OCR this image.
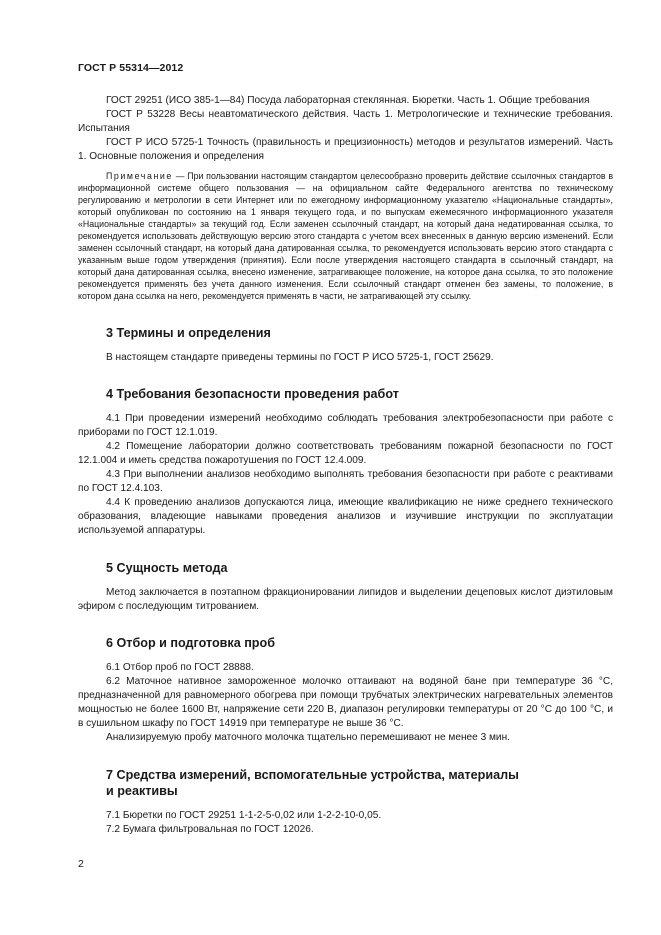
ГОСТ Р 55314—2012

ГОСТ 29251 (ИСО 385-1—84) Посуда лабораторная стеклянная. Бюретки. Часть 1. Общие требования

ГОСТ Р 53228 Весы неавтоматического действия. Часть 1. Метрологические и технические требования. Испытания

ГОСТ Р ИСО 5725-1 Точность (правильность и прецизионность) методов и результатов измерений. Часть 1. Основные положения и определения

Примечание — При пользовании настоящим стандартом целесообразно проверить действие ссылочных стандартов в информационной системе общего пользования — на официальном сайте Федерального агентства по техническому регулированию и метрологии в сети Интернет или по ежегодному информационному указателю «Национальные стандарты», который опубликован по состоянию на 1 января текущего года, и по выпускам ежемесячного информационного указателя «Национальные стандарты» за текущий год. Если заменен ссылочный стандарт, на который дана недатированная ссылка, то рекомендуется использовать действующую версию этого стандарта с учетом всех внесенных в данную версию изменений. Если заменен ссылочный стандарт, на который дана датированная ссылка, то рекомендуется использовать версию этого стандарта с указанным выше годом утверждения (принятия). Если после утверждения настоящего стандарта в ссылочный стандарт, на который дана датированная ссылка, внесено изменение, затрагивающее положение, на которое дана ссылка, то это положение рекомендуется применять без учета данного изменения. Если ссылочный стандарт отменен без замены, то положение, в котором дана ссылка на него, рекомендуется применять в части, не затрагивающей эту ссылку.

3 Термины и определения

В настоящем стандарте приведены термины по ГОСТ Р ИСО 5725-1, ГОСТ 25629.

4 Требования безопасности проведения работ

4.1 При проведении измерений необходимо соблюдать требования электробезопасности при работе с приборами по ГОСТ 12.1.019.

4.2 Помещение лаборатории должно соответствовать требованиям пожарной безопасности по ГОСТ 12.1.004 и иметь средства пожаротушения по ГОСТ 12.4.009.

4.3 При выполнении анализов необходимо выполнять требования безопасности при работе с реактивами по ГОСТ 12.4.103.

4.4 К проведению анализов допускаются лица, имеющие квалификацию не ниже среднего технического образования, владеющие навыками проведения анализов и изучившие инструкции по эксплуатации используемой аппаратуры.

5 Сущность метода

Метод заключается в поэтапном фракционировании липидов и выделении децеповых кислот диэтиловым эфиром с последующим титрованием.

6 Отбор и подготовка проб

6.1 Отбор проб по ГОСТ 28888.

6.2 Маточное нативное замороженное молочко оттаивают на водяной бане при температуре 36 °С, предназначенной для равномерного обогрева при помощи трубчатых электрических нагревательных элементов мощностью не более 1600 Вт, напряжение сети 220 В, диапазон регулировки температуры от 20 °С до 100 °С, и в сушильном шкафу по ГОСТ 14919 при температуре не выше 36 °С.

Анализируемую пробу маточного молочка тщательно перемешивают не менее 3 мин.

7 Средства измерений, вспомогательные устройства, материалы
и реактивы

7.1 Бюретки по ГОСТ 29251 1-1-2-5-0,02 или 1-2-2-10-0,05.

7.2 Бумага фильтровальная по ГОСТ 12026.

2
